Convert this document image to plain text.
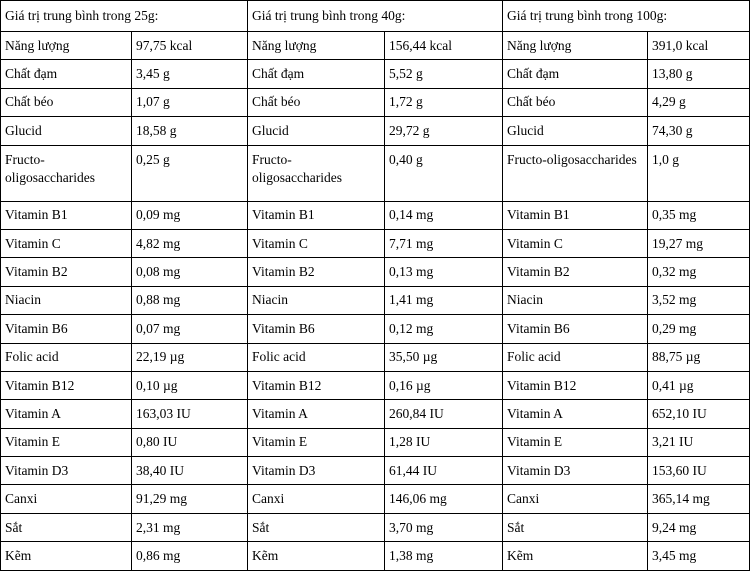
Giá trị trung bình trong 25g:		Giá trị trung bình trong 40g:		Giá trị trung bình trong 100g:	
Năng lượng	97,75 kcal	Năng lượng	156,44 kcal	Năng lượng	391,0 kcal
Chất đạm	3,45 g	Chất đạm	5,52 g	Chất đạm	13,80 g
Chất béo	1,07 g	Chất béo	1,72 g	Chất béo	4,29 g
Glucid	18,58 g	Glucid	29,72 g	Glucid	74,30 g
Fructo-oligosaccharides	0,25 g	Fructo-oligosaccharides	0,40 g	Fructo-oligosaccharides	1,0 g
Vitamin B1	0,09 mg	Vitamin B1	0,14 mg	Vitamin B1	0,35 mg
Vitamin C	4,82 mg	Vitamin C	7,71 mg	Vitamin C	19,27 mg
Vitamin B2	0,08 mg	Vitamin B2	0,13 mg	Vitamin B2	0,32 mg
Niacin	0,88 mg	Niacin	1,41 mg	Niacin	3,52 mg
Vitamin B6	0,07 mg	Vitamin B6	0,12 mg	Vitamin B6	0,29 mg
Folic acid	22,19 µg	Folic acid	35,50 µg	Folic acid	88,75 µg
Vitamin B12	0,10 µg	Vitamin B12	0,16 µg	Vitamin B12	0,41 µg
Vitamin A	163,03 IU	Vitamin A	260,84 IU	Vitamin A	652,10 IU
Vitamin E	0,80 IU	Vitamin E	1,28 IU	Vitamin E	3,21 IU
Vitamin D3	38,40 IU	Vitamin D3	61,44 IU	Vitamin D3	153,60 IU
Canxi	91,29 mg	Canxi	146,06 mg	Canxi	365,14 mg
Sắt	2,31 mg	Sắt	3,70 mg	Sắt	9,24 mg
Kẽm	0,86 mg	Kẽm	1,38 mg	Kẽm	3,45 mg
